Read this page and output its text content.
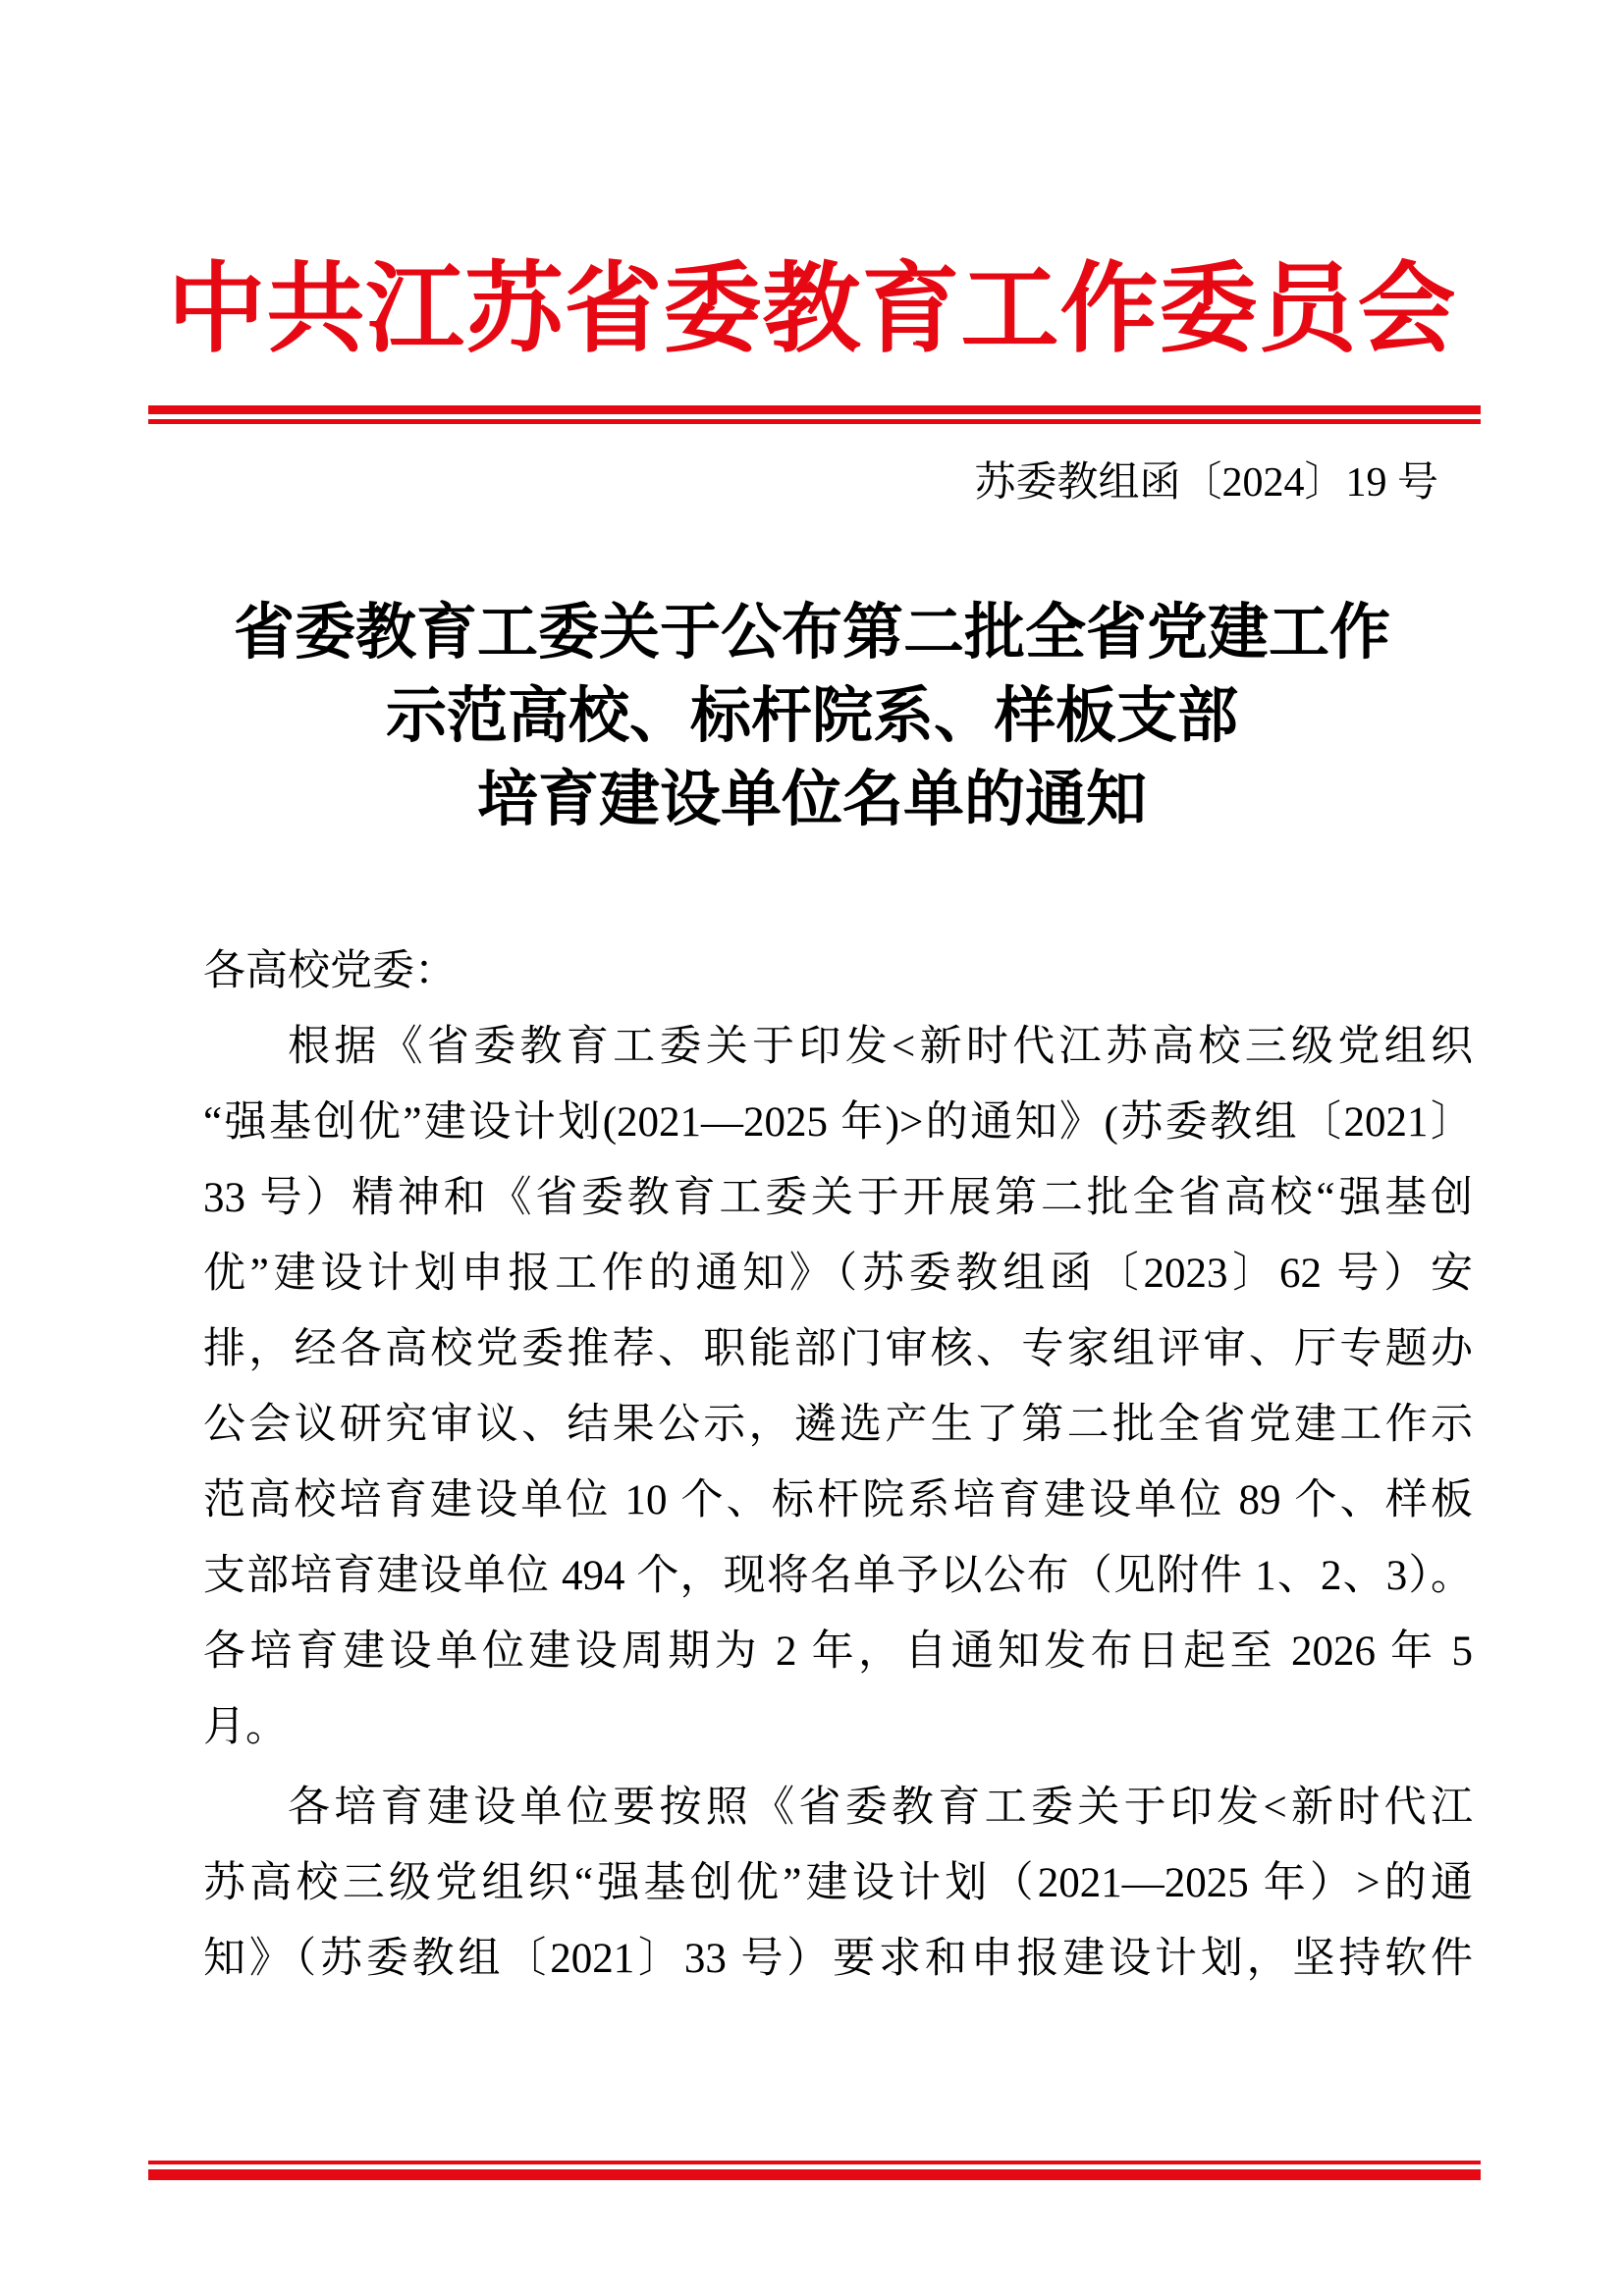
中共江苏省委教育工作委员会
苏委教组函〔2024〕19 号
省委教育工委关于公布第二批全省党建工作
示范高校、标杆院系、样板支部
培育建设单位名单的通知
各高校党委：
根据《省委教育工委关于印发<新时代江苏高校三级党组织
“强基创优”建设计划(2021—2025 年)>的通知》(苏委教组〔2021〕
33 号）精神和《省委教育工委关于开展第二批全省高校“强基创
优”建设计划申报工作的通知》（苏委教组函〔2023〕62 号）安
排，经各高校党委推荐、职能部门审核、专家组评审、厅专题办
公会议研究审议、结果公示，遴选产生了第二批全省党建工作示
范高校培育建设单位 10 个、标杆院系培育建设单位 89 个、样板
支部培育建设单位 494 个，现将名单予以公布（见附件 1、2、3）。
各培育建设单位建设周期为 2 年，自通知发布日起至 2026 年 5
月。
各培育建设单位要按照《省委教育工委关于印发<新时代江
苏高校三级党组织“强基创优”建设计划（2021—2025 年）>的通
知》（苏委教组〔2021〕33 号）要求和申报建设计划，坚持软件
